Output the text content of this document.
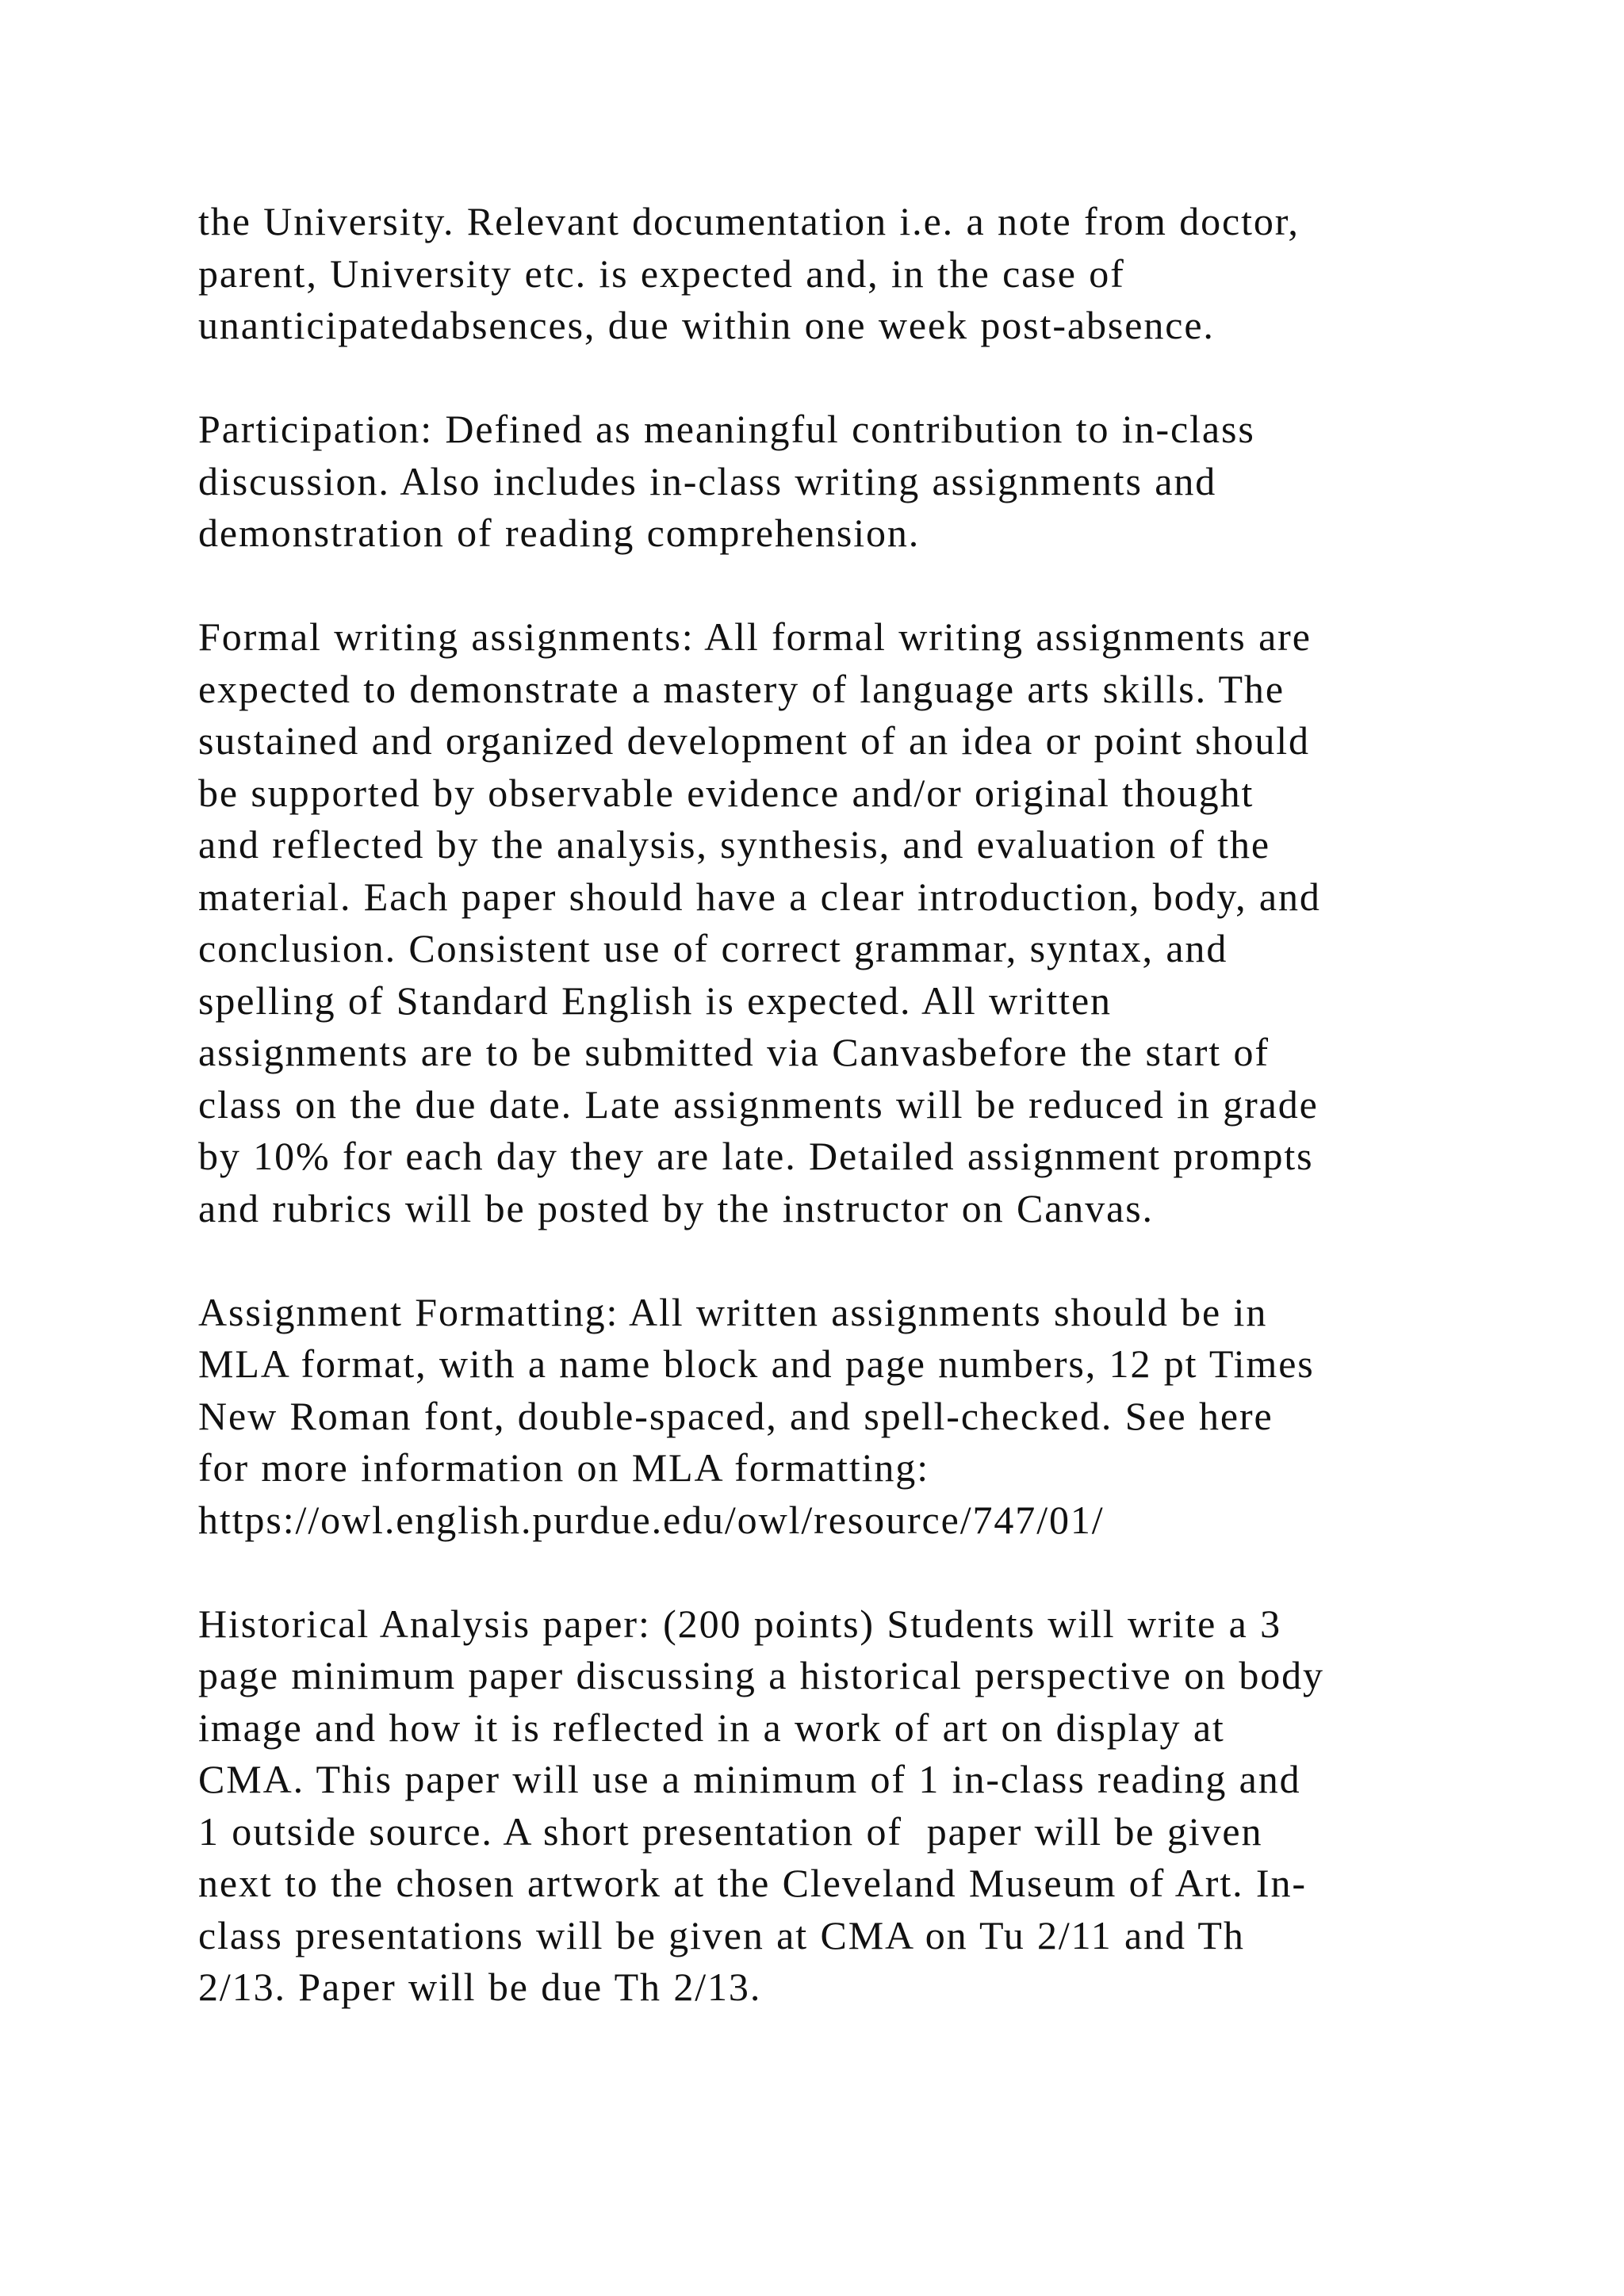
the University. Relevant documentation i.e. a note from doctor,
parent, University etc. is expected and, in the case of
unanticipatedabsences, due within one week post-absence.

Participation: Defined as meaningful contribution to in-class
discussion. Also includes in-class writing assignments and
demonstration of reading comprehension.

Formal writing assignments: All formal writing assignments are
expected to demonstrate a mastery of language arts skills. The
sustained and organized development of an idea or point should
be supported by observable evidence and/or original thought
and reflected by the analysis, synthesis, and evaluation of the
material. Each paper should have a clear introduction, body, and
conclusion. Consistent use of correct grammar, syntax, and
spelling of Standard English is expected. All written
assignments are to be submitted via Canvasbefore the start of
class on the due date. Late assignments will be reduced in grade
by 10% for each day they are late. Detailed assignment prompts
and rubrics will be posted by the instructor on Canvas.

Assignment Formatting: All written assignments should be in
MLA format, with a name block and page numbers, 12 pt Times
New Roman font, double-spaced, and spell-checked. See here
for more information on MLA formatting:
https://owl.english.purdue.edu/owl/resource/747/01/

Historical Analysis paper: (200 points) Students will write a 3
page minimum paper discussing a historical perspective on body
image and how it is reflected in a work of art on display at
CMA. This paper will use a minimum of 1 in-class reading and
1 outside source. A short presentation of  paper will be given
next to the chosen artwork at the Cleveland Museum of Art. In-
class presentations will be given at CMA on Tu 2/11 and Th
2/13. Paper will be due Th 2/13.
